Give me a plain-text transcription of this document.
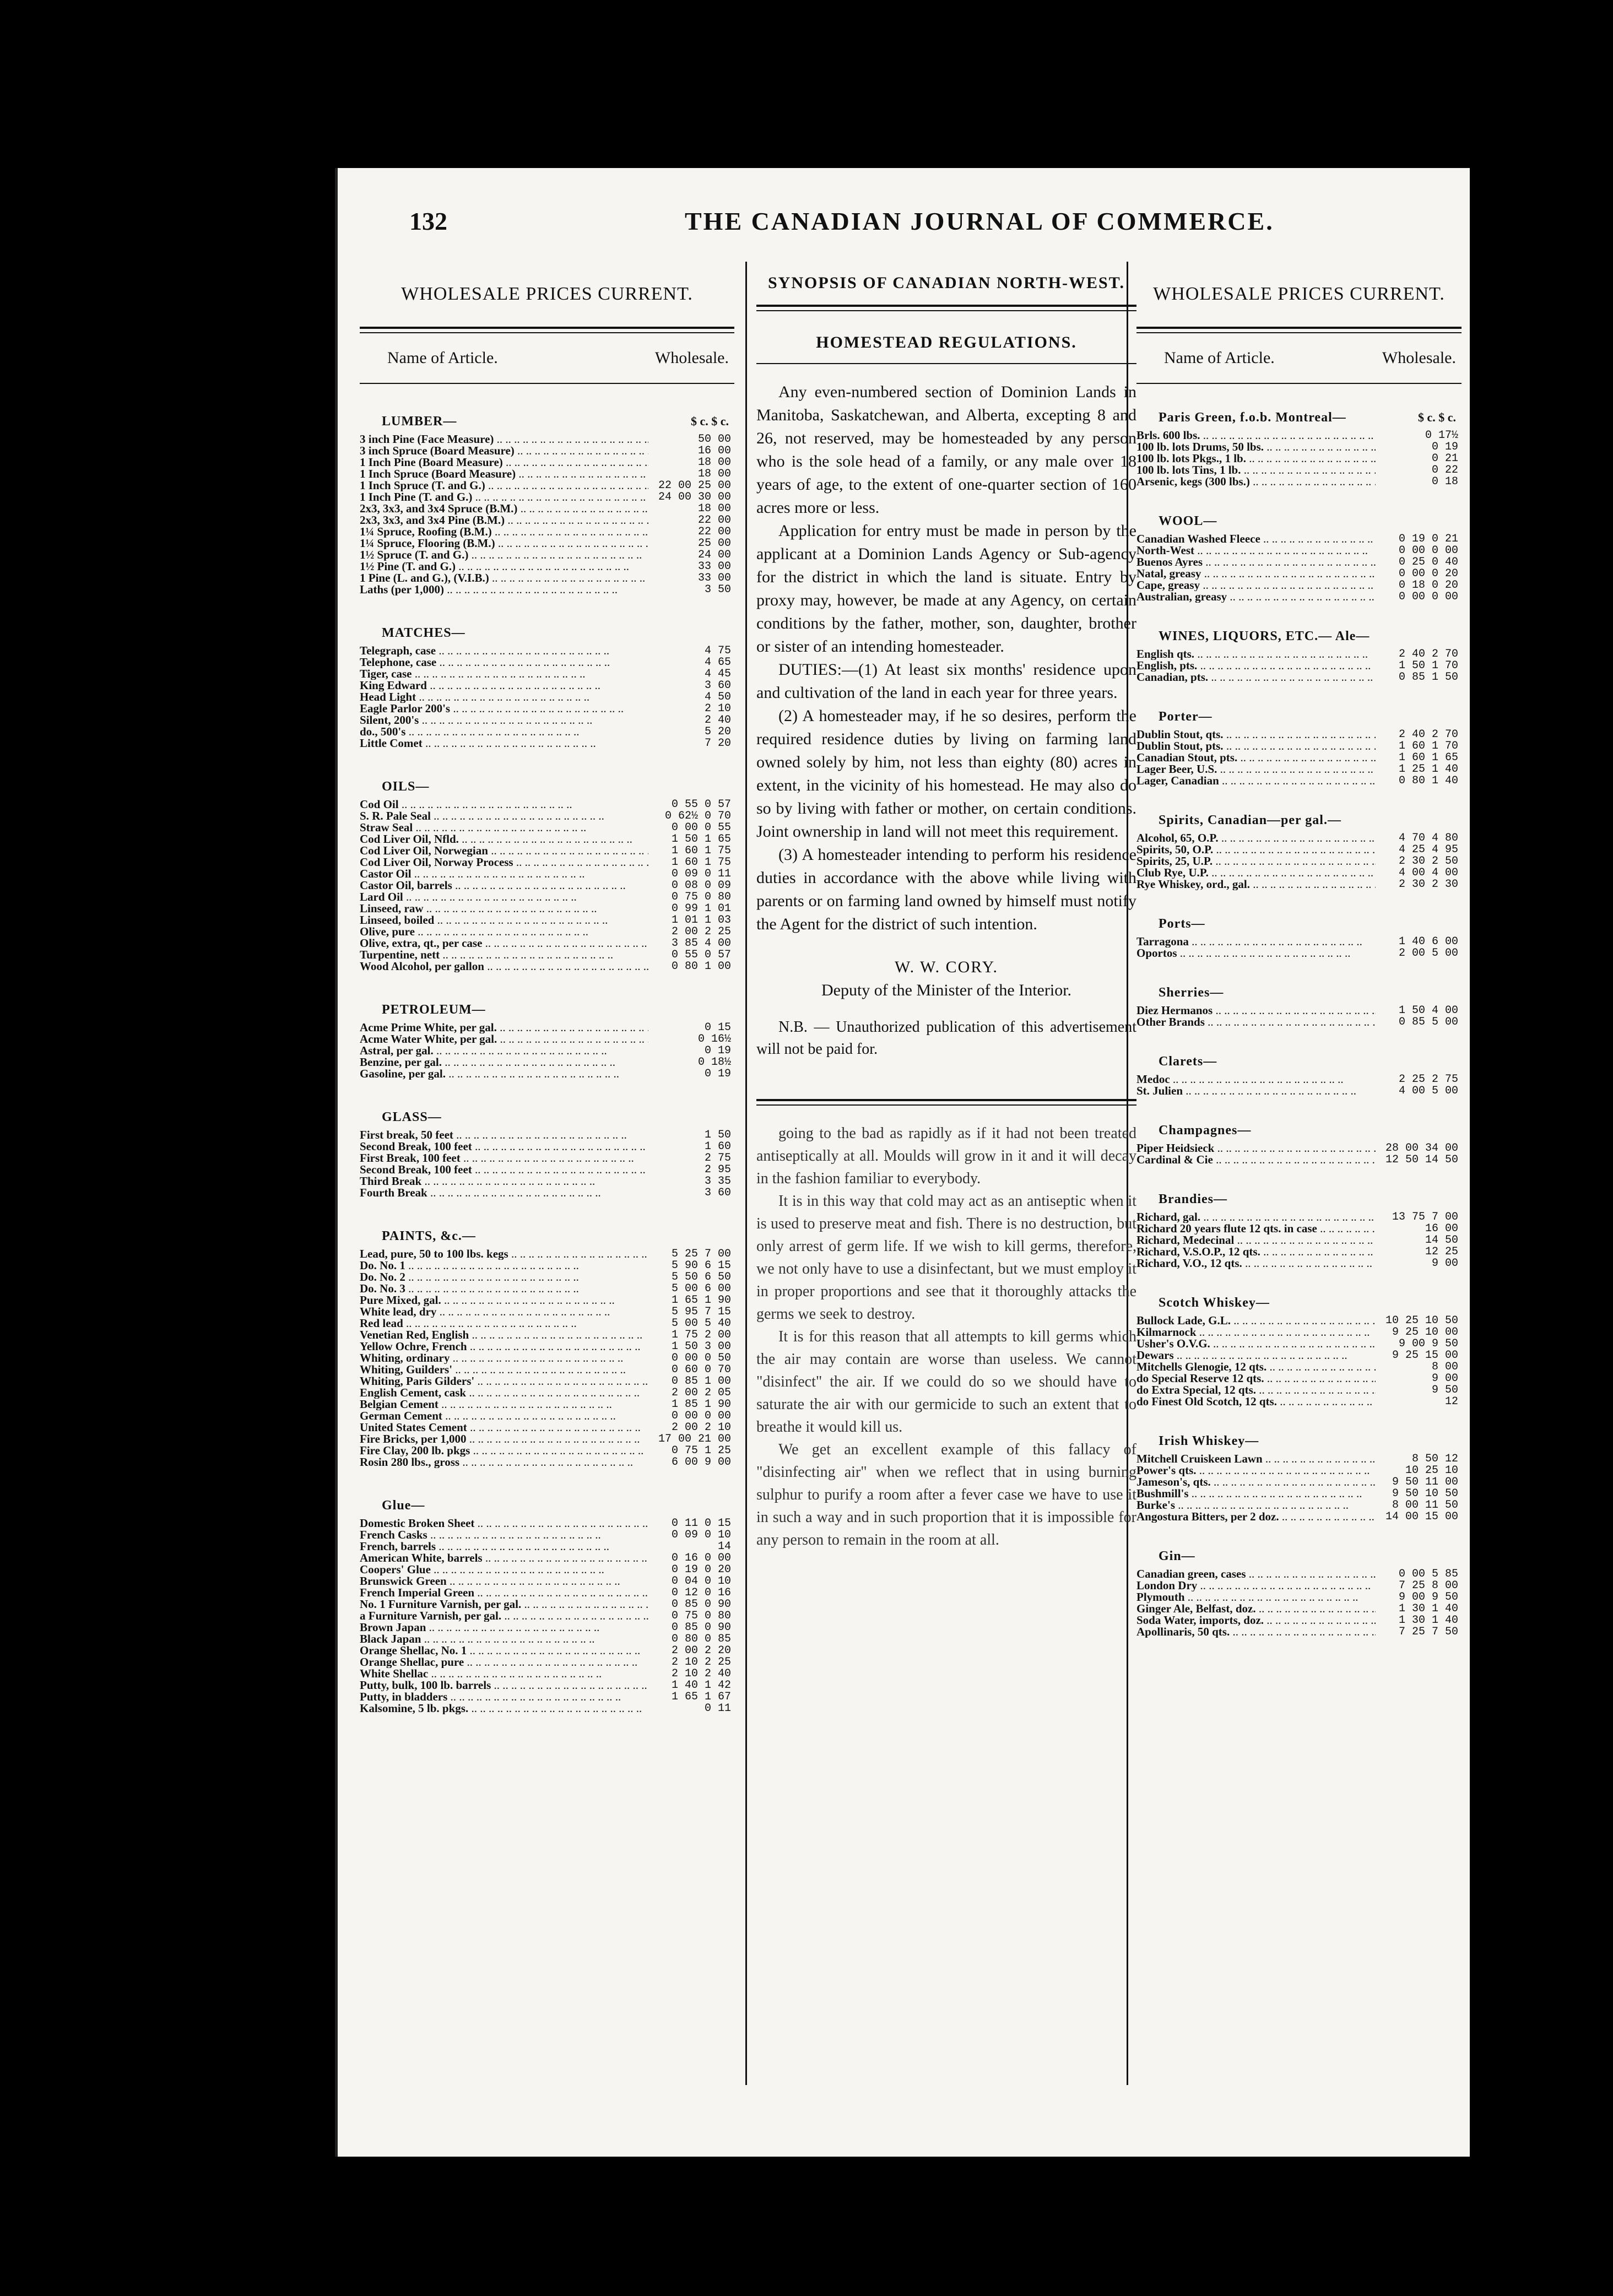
132	THE CANADIAN JOURNAL OF COMMERCE.
WHOLESALE PRICES CURRENT.
Name of Article.	Wholesale.
LUMBER—	$ c. $ c.
3 inch Pine (Face Measure) .. ..	50 00
3 inch Spruce (Board Measure) .. ..	16 00
1 Inch Pine (Board Measure) .. ..	18 00
1 Inch Spruce (Board Measure) .. ..	18 00
1 Inch Spruce (T. and G.) .. ..	22 00 25 00
1 Inch Pine (T. and G.) .. ..	24 00 30 00
2x3, 3x3, and 3x4 Spruce (B.M.) .. ..	18 00
2x3, 3x3, and 3x4 Pine (B.M.) .. ..	22 00
1¼ Spruce, Roofing (B.M.) .. ..	22 00
1¼ Spruce, Flooring (B.M.) .. ..	25 00
1½ Spruce (T. and G.) .. ..	24 00
1½ Pine (T. and G.) .. ..	33 00
1 Pine (L. and G.), (V.I.B.) .. ..	33 00
Laths (per 1,000) .. ..	3 50
MATCHES—
Telegraph, case .. ..	4 75
Telephone, case .. ..	4 65
Tiger, case .. ..	4 45
King Edward .. ..	3 60
Head Light .. ..	4 50
Eagle Parlor 200's .. ..	2 10
Silent, 200's .. ..	2 40
do., 500's .. ..	5 20
Little Comet .. ..	7 20
OILS—
Cod Oil .. ..	0 55 0 57
S. R. Pale Seal .. ..	0 62½ 0 70
Straw Seal .. ..	0 00 0 55
Cod Liver Oil, Nfld. .. ..	1 50 1 65
Cod Liver Oil, Norwegian .. ..	1 60 1 75
Cod Liver Oil, Norway Process .. ..	1 60 1 75
Castor Oil .. ..	0 09 0 11
Castor Oil, barrels .. ..	0 08 0 09
Lard Oil .. ..	0 75 0 80
Linseed, raw .. ..	0 99 1 01
Linseed, boiled .. ..	1 01 1 03
Olive, pure .. ..	2 00 2 25
Olive, extra, qt., per case .. ..	3 85 4 00
Turpentine, nett .. ..	0 55 0 57
Wood Alcohol, per gallon .. ..	0 80 1 00
PETROLEUM—
Acme Prime White, per gal. .. ..	0 15
Acme Water White, per gal. .. ..	0 16½
Astral, per gal. .. ..	0 19
Benzine, per gal. .. ..	0 18½
Gasoline, per gal. .. ..	0 19
GLASS—
First break, 50 feet .. ..	1 50
Second Break, 100 feet .. ..	1 60
First Break, 100 feet .. ..	2 75
Second Break, 100 feet .. ..	2 95
Third Break .. ..	3 35
Fourth Break .. ..	3 60
PAINTS, &c.—
Lead, pure, 50 to 100 lbs. kegs .. ..	5 25 7 00
Do. No. 1 .. ..	5 90 6 15
Do. No. 2 .. ..	5 50 6 50
Do. No. 3 .. ..	5 00 6 00
Pure Mixed, gal. .. ..	1 65 1 90
White lead, dry .. ..	5 95 7 15
Red lead .. ..	5 00 5 40
Venetian Red, English .. ..	1 75 2 00
Yellow Ochre, French .. ..	1 50 3 00
Whiting, ordinary .. ..	0 00 0 50
Whiting, Guilders' .. ..	0 60 0 70
Whiting, Paris Gilders' .. ..	0 85 1 00
English Cement, cask .. ..	2 00 2 05
Belgian Cement .. ..	1 85 1 90
German Cement .. ..	0 00 0 00
United States Cement .. ..	2 00 2 10
Fire Bricks, per 1,000 .. ..	17 00 21 00
Fire Clay, 200 lb. pkgs .. ..	0 75 1 25
Rosin 280 lbs., gross .. ..	6 00 9 00
Glue—
Domestic Broken Sheet .. ..	0 11 0 15
French Casks .. ..	0 09 0 10
French, barrels .. ..	14
American White, barrels .. ..	0 16 0 00
Coopers' Glue .. ..	0 19 0 20
Brunswick Green .. ..	0 04 0 10
French Imperial Green .. ..	0 12 0 16
No. 1 Furniture Varnish, per gal. .. ..	0 85 0 90
a Furniture Varnish, per gal. .. ..	0 75 0 80
Brown Japan .. ..	0 85 0 90
Black Japan .. ..	0 80 0 85
Orange Shellac, No. 1 .. ..	2 00 2 20
Orange Shellac, pure .. ..	2 10 2 25
White Shellac .. ..	2 10 2 40
Putty, bulk, 100 lb. barrels .. ..	1 40 1 42
Putty, in bladders .. ..	1 65 1 67
Kalsomine, 5 lb. pkgs. .. ..	0 11
SYNOPSIS OF CANADIAN NORTH-WEST.
HOMESTEAD REGULATIONS.

Any even-numbered section of Dominion Lands in Manitoba, Saskatchewan, and Alberta, excepting 8 and 26, not reserved, may be homesteaded by any person who is the sole head of a family, or any male over 18 years of age, to the extent of one-quarter section of 160 acres more or less.

Application for entry must be made in person by the applicant at a Dominion Lands Agency or Sub-agency for the district in which the land is situate. Entry by proxy may, however, be made at any Agency, on certain conditions by the father, mother, son, daughter, brother or sister of an intending homesteader.

DUTIES:—(1) At least six months' residence upon and cultivation of the land in each year for three years.

(2) A homesteader may, if he so desires, perform the required residence duties by living on farming land owned solely by him, not less than eighty (80) acres in extent, in the vicinity of his homestead. He may also do so by living with father or mother, on certain conditions. Joint ownership in land will not meet this requirement.

(3) A homesteader intending to perform his residence duties in accordance with the above while living with parents or on farming land owned by himself must notify the Agent for the district of such intention.

W. W. CORY.
Deputy of the Minister of the Interior.
N.B. — Unauthorized publication of this advertisement will not be paid for.

going to the bad as rapidly as if it had not been treated antiseptically at all. Moulds will grow in it and it will decay in the fashion familiar to everybody.

It is in this way that cold may act as an antiseptic when it is used to preserve meat and fish. There is no destruction, but only arrest of germ life. If we wish to kill germs, therefore, we not only have to use a disinfectant, but we must employ it in proper proportions and see that it thoroughly attacks the germs we seek to destroy.

It is for this reason that all attempts to kill germs which the air may contain are worse than useless. We cannot "disinfect" the air. If we could do so we should have to saturate the air with our germicide to such an extent that to breathe it would kill us.

We get an excellent example of this fallacy of "disinfecting air" when we reflect that in using burning sulphur to purify a room after a fever case we have to use it in such a way and in such proportion that it is impossible for any person to remain in the room at all.

WHOLESALE PRICES CURRENT.
Name of Article.	Wholesale.
Paris Green, f.o.b. Montreal—	$ c. $ c.
Brls. 600 lbs. .. ..	0 17½
100 lb. lots Drums, 50 lbs. .. ..	0 19
100 lb. lots Pkgs., 1 lb. .. ..	0 21
100 lb. lots Tins, 1 lb. .. ..	0 22
Arsenic, kegs (300 lbs.) .. ..	0 18
WOOL—
Canadian Washed Fleece .. ..	0 19 0 21
North-West .. ..	0 00 0 00
Buenos Ayres .. ..	0 25 0 40
Natal, greasy .. ..	0 00 0 20
Cape, greasy .. ..	0 18 0 20
Australian, greasy .. ..	0 00 0 00
WINES, LIQUORS, ETC.— Ale—
English qts. .. ..	2 40 2 70
English, pts. .. ..	1 50 1 70
Canadian, pts. .. ..	0 85 1 50
Porter—
Dublin Stout, qts. .. ..	2 40 2 70
Dublin Stout, pts. .. ..	1 60 1 70
Canadian Stout, pts. .. ..	1 60 1 65
Lager Beer, U.S. .. ..	1 25 1 40
Lager, Canadian .. ..	0 80 1 40
Spirits, Canadian—per gal.—
Alcohol, 65, O.P. .. ..	4 70 4 80
Spirits, 50, O.P. .. ..	4 25 4 95
Spirits, 25, U.P. .. ..	2 30 2 50
Club Rye, U.P. .. ..	4 00 4 00
Rye Whiskey, ord., gal. .. ..	2 30 2 30
Ports—
Tarragona .. ..	1 40 6 00
Oportos .. ..	2 00 5 00
Sherries—
Diez Hermanos .. ..	1 50 4 00
Other Brands .. ..	0 85 5 00
Clarets—
Medoc .. ..	2 25 2 75
St. Julien .. ..	4 00 5 00
Champagnes—
Piper Heidsieck .. ..	28 00 34 00
Cardinal & Cie .. ..	12 50 14 50
Brandies—
Richard, gal. .. ..	13 75 7 00
Richard 20 years flute 12 qts. in case .. ..	16 00
Richard, Medecinal .. ..	14 50
Richard, V.S.O.P., 12 qts. .. ..	12 25
Richard, V.O., 12 qts. .. ..	9 00
Scotch Whiskey—
Bullock Lade, G.L. .. ..	10 25 10 50
Kilmarnock .. ..	9 25 10 00
Usher's O.V.G. .. ..	9 00 9 50
Dewars .. ..	9 25 15 00
Mitchells Glenogie, 12 qts. .. ..	8 00
do Special Reserve 12 qts. .. ..	9 00
do Extra Special, 12 qts. .. ..	9 50
do Finest Old Scotch, 12 qts. .. ..	12
Irish Whiskey—
Mitchell Cruiskeen Lawn .. ..	8 50 12
Power's qts. .. ..	10 25 10
Jameson's, qts. .. ..	9 50 11 00
Bushmill's .. ..	9 50 10 50
Burke's .. ..	8 00 11 50
Angostura Bitters, per 2 doz. .. ..	14 00 15 00
Gin—
Canadian green, cases .. ..	0 00 5 85
London Dry .. ..	7 25 8 00
Plymouth .. ..	9 00 9 50
Ginger Ale, Belfast, doz. .. ..	1 30 1 40
Soda Water, imports, doz. .. ..	1 30 1 40
Apollinaris, 50 qts. .. ..	7 25 7 50
